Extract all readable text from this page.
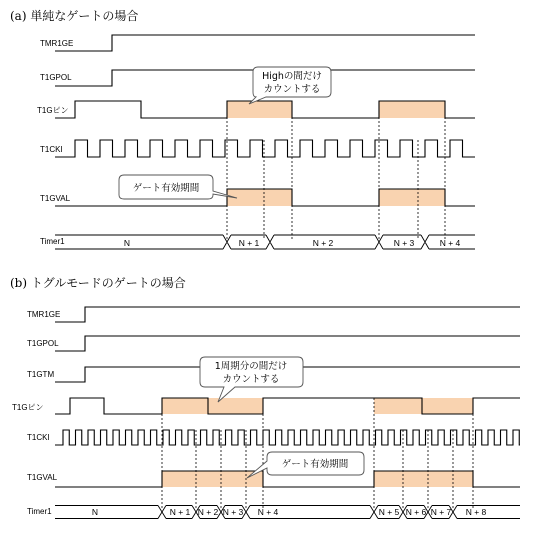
(a) 単純なゲートの場合
TMR1GE
T1GPOL
T1Gピン
T1CKI
T1GVAL
Timer1	N	N + 1	N + 2	N + 3	N + 4
Highの間だけ
カウントする
ゲート有効期間
(b) トグルモードのゲートの場合
TMR1GE
T1GPOL
T1GTM
T1Gピン
T1CKI
T1GVAL
Timer1	N	N + 1 N + 2 N + 3 N + 4	N + 5 N + 6 N + 7 N + 8
1周期分の間だけ
カウントする
ゲート有効期間
